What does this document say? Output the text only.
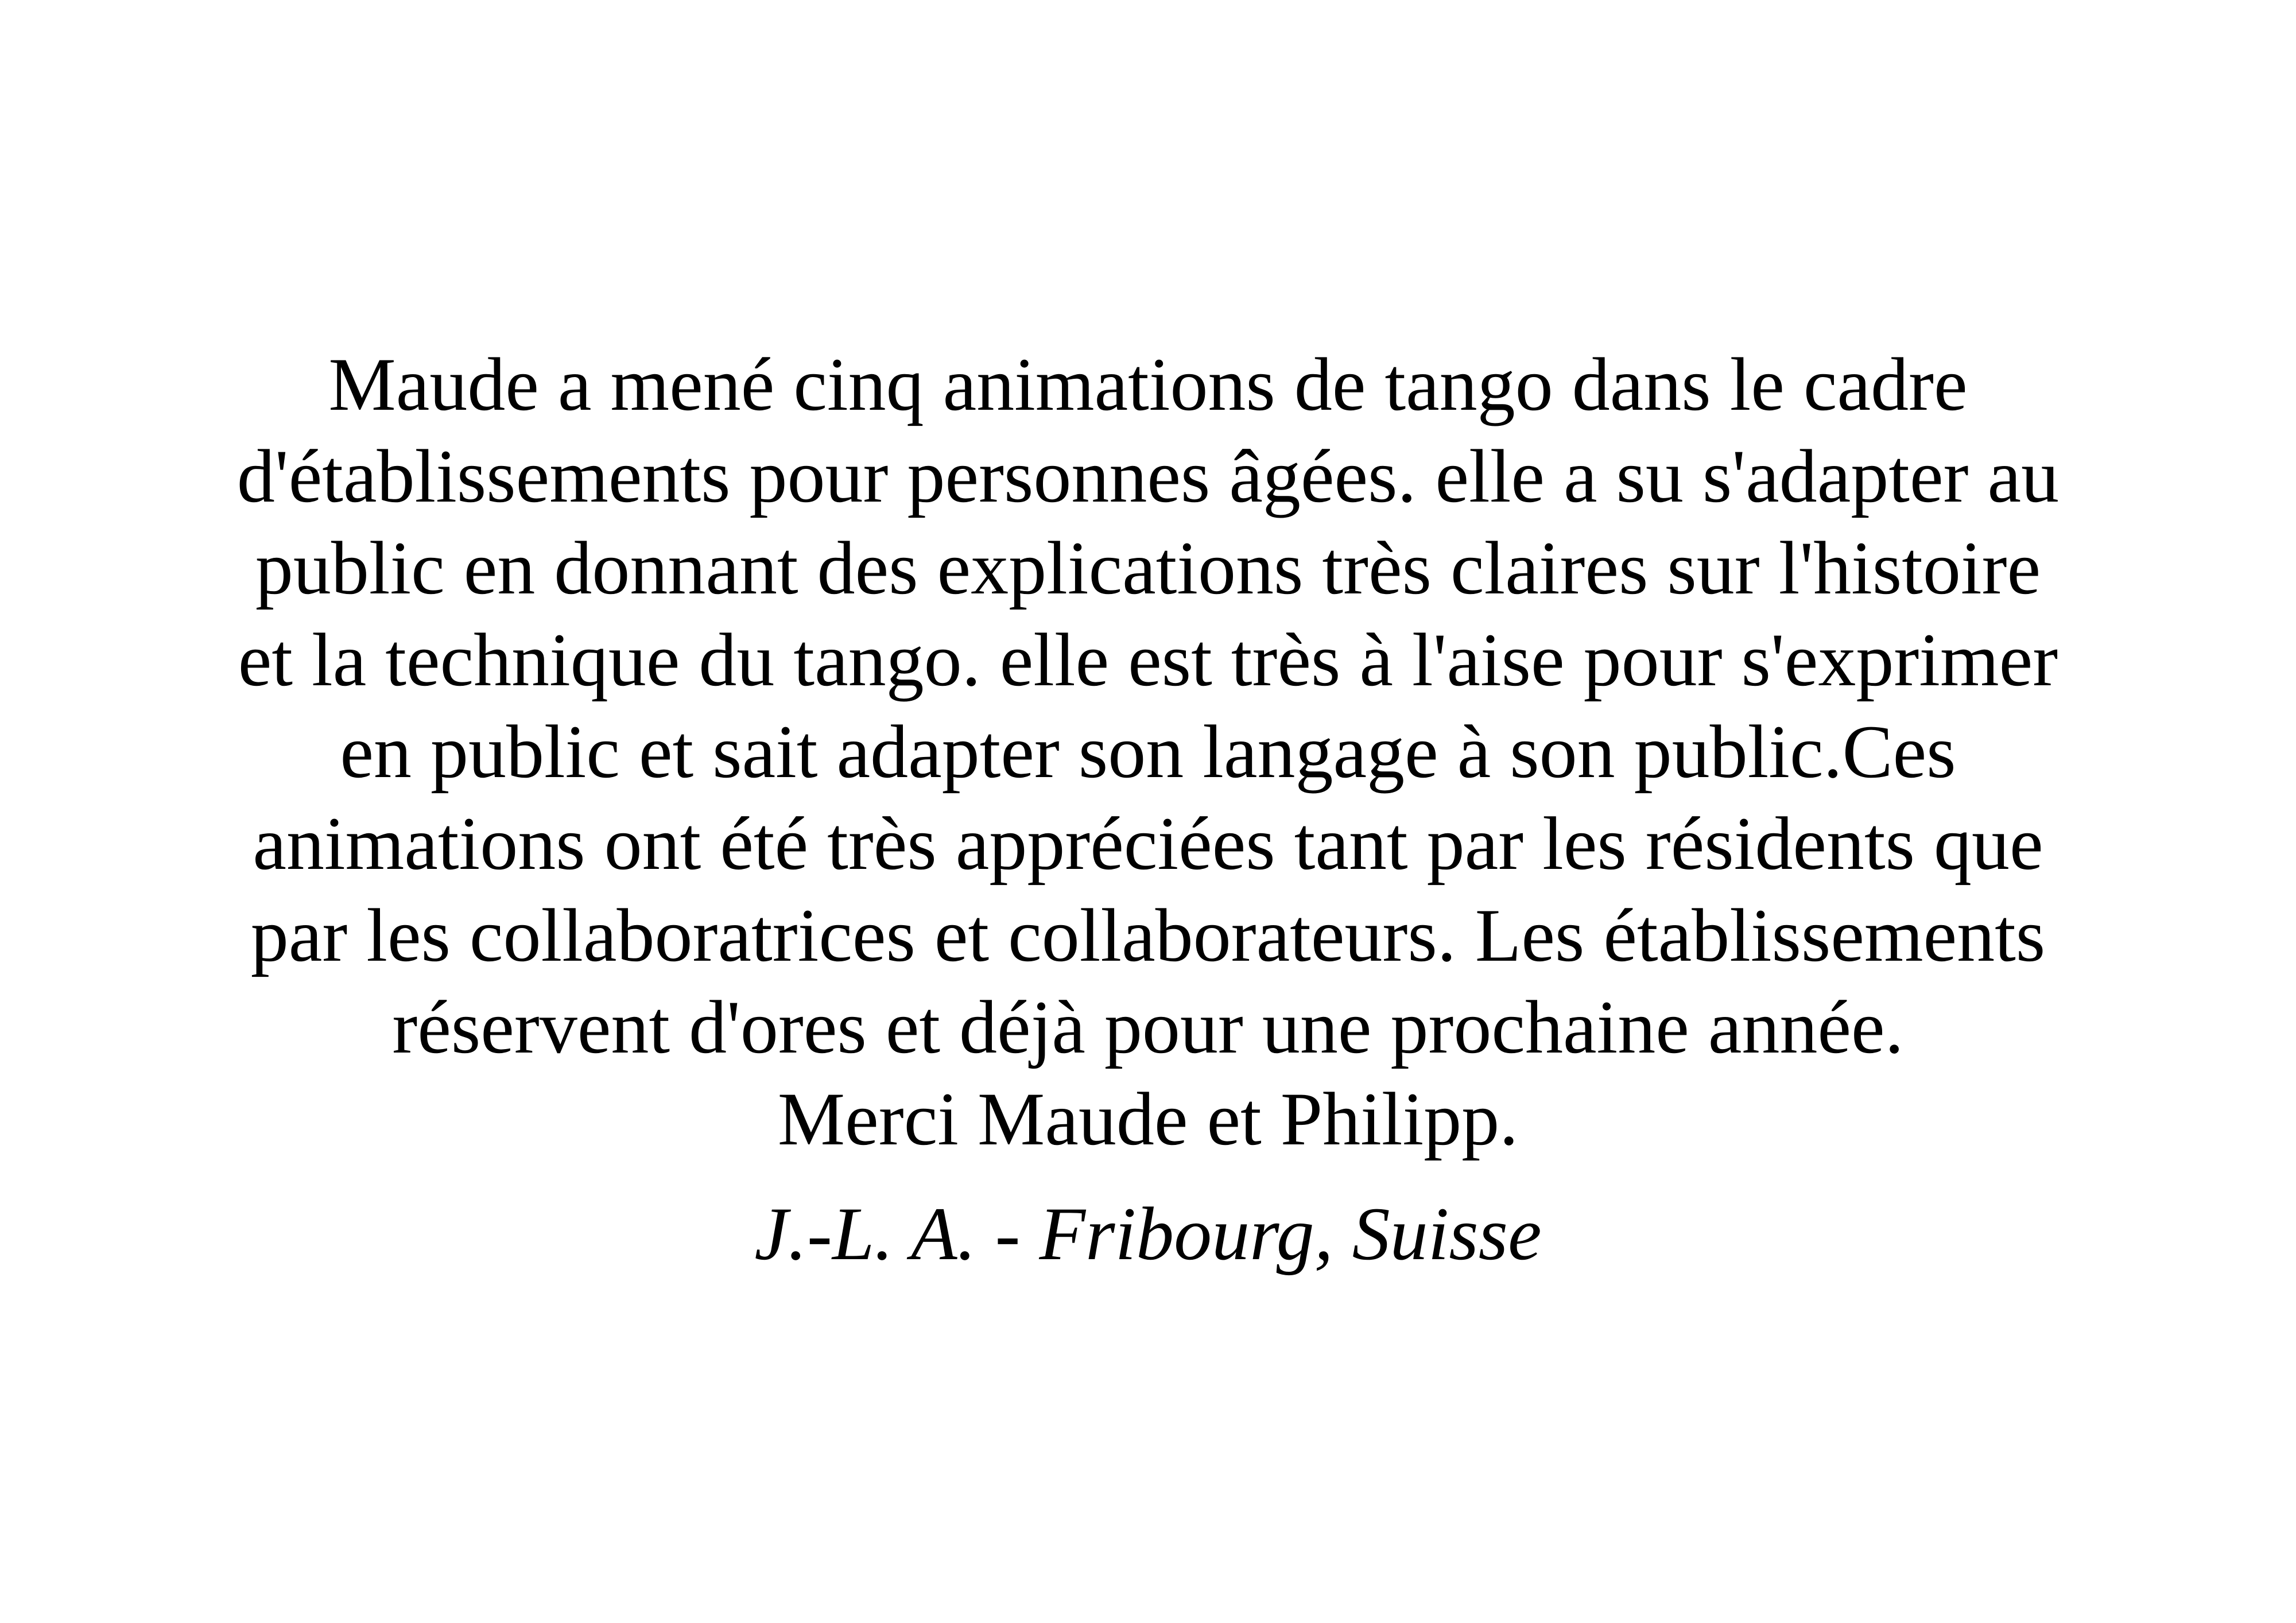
Maude a mené cinq animations de tango dans le cadre
d'établissements pour personnes âgées. elle a su s'adapter au
public en donnant des explications très claires sur l'histoire
et la technique du tango. elle est très à l'aise pour s'exprimer
en public et sait adapter son langage à son public.Ces
animations ont été très appréciées tant par les résidents que
par les collaboratrices et collaborateurs. Les établissements
réservent d'ores et déjà pour une prochaine année.
Merci Maude et Philipp.

J.-L. A. - Fribourg, Suisse
